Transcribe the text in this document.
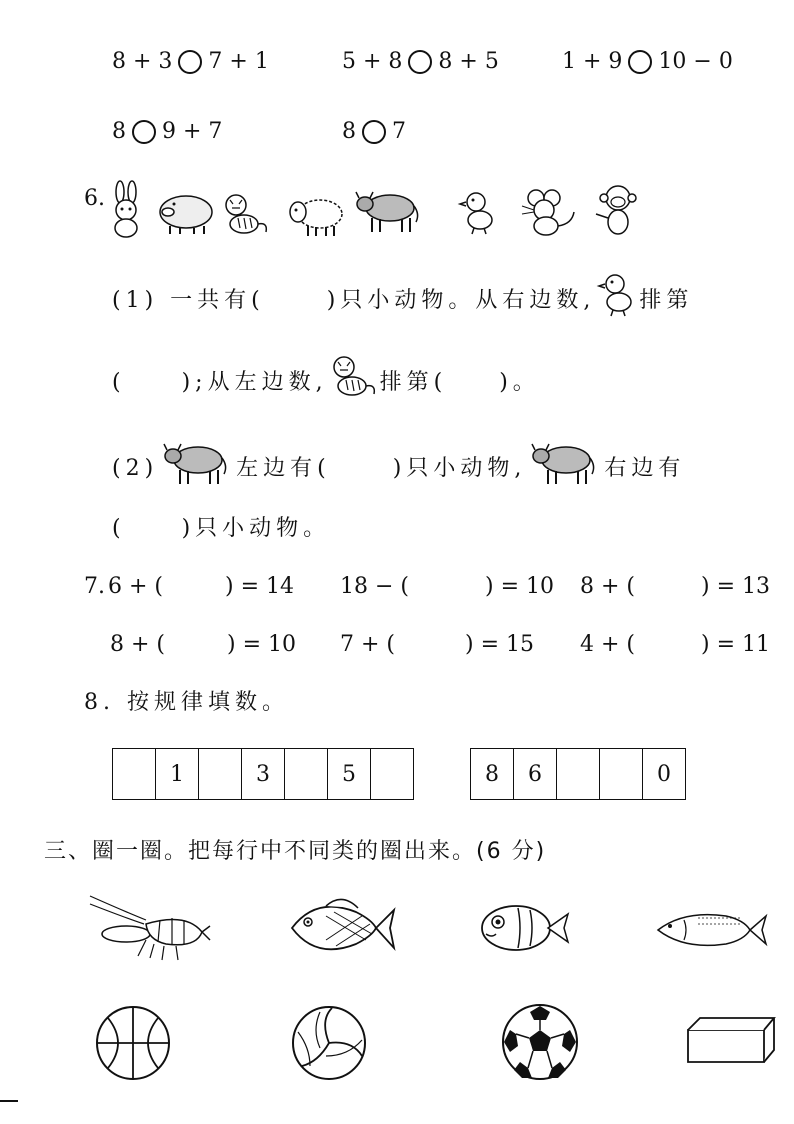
8 + 3 7 + 1	5 + 8 8 + 5	1 + 9 10 − 0
8 9 + 7	8 7
6.
(1) 一共有(	)只小动物。从右边数, 排第
(	);从左边数, 排第( )。
(2)	左边有(	)只小动物,	右边有
(	)只小动物。
7. 6 + (	) = 14 18 − (	) = 10 8 + (	) = 13
8 + (	) = 10 7 + (	) = 15 4 + (	) = 11
8. 按规律填数。
	1		3		5		8	6			0
三、圈一圈。把每行中不同类的圈出来。(6 分)
